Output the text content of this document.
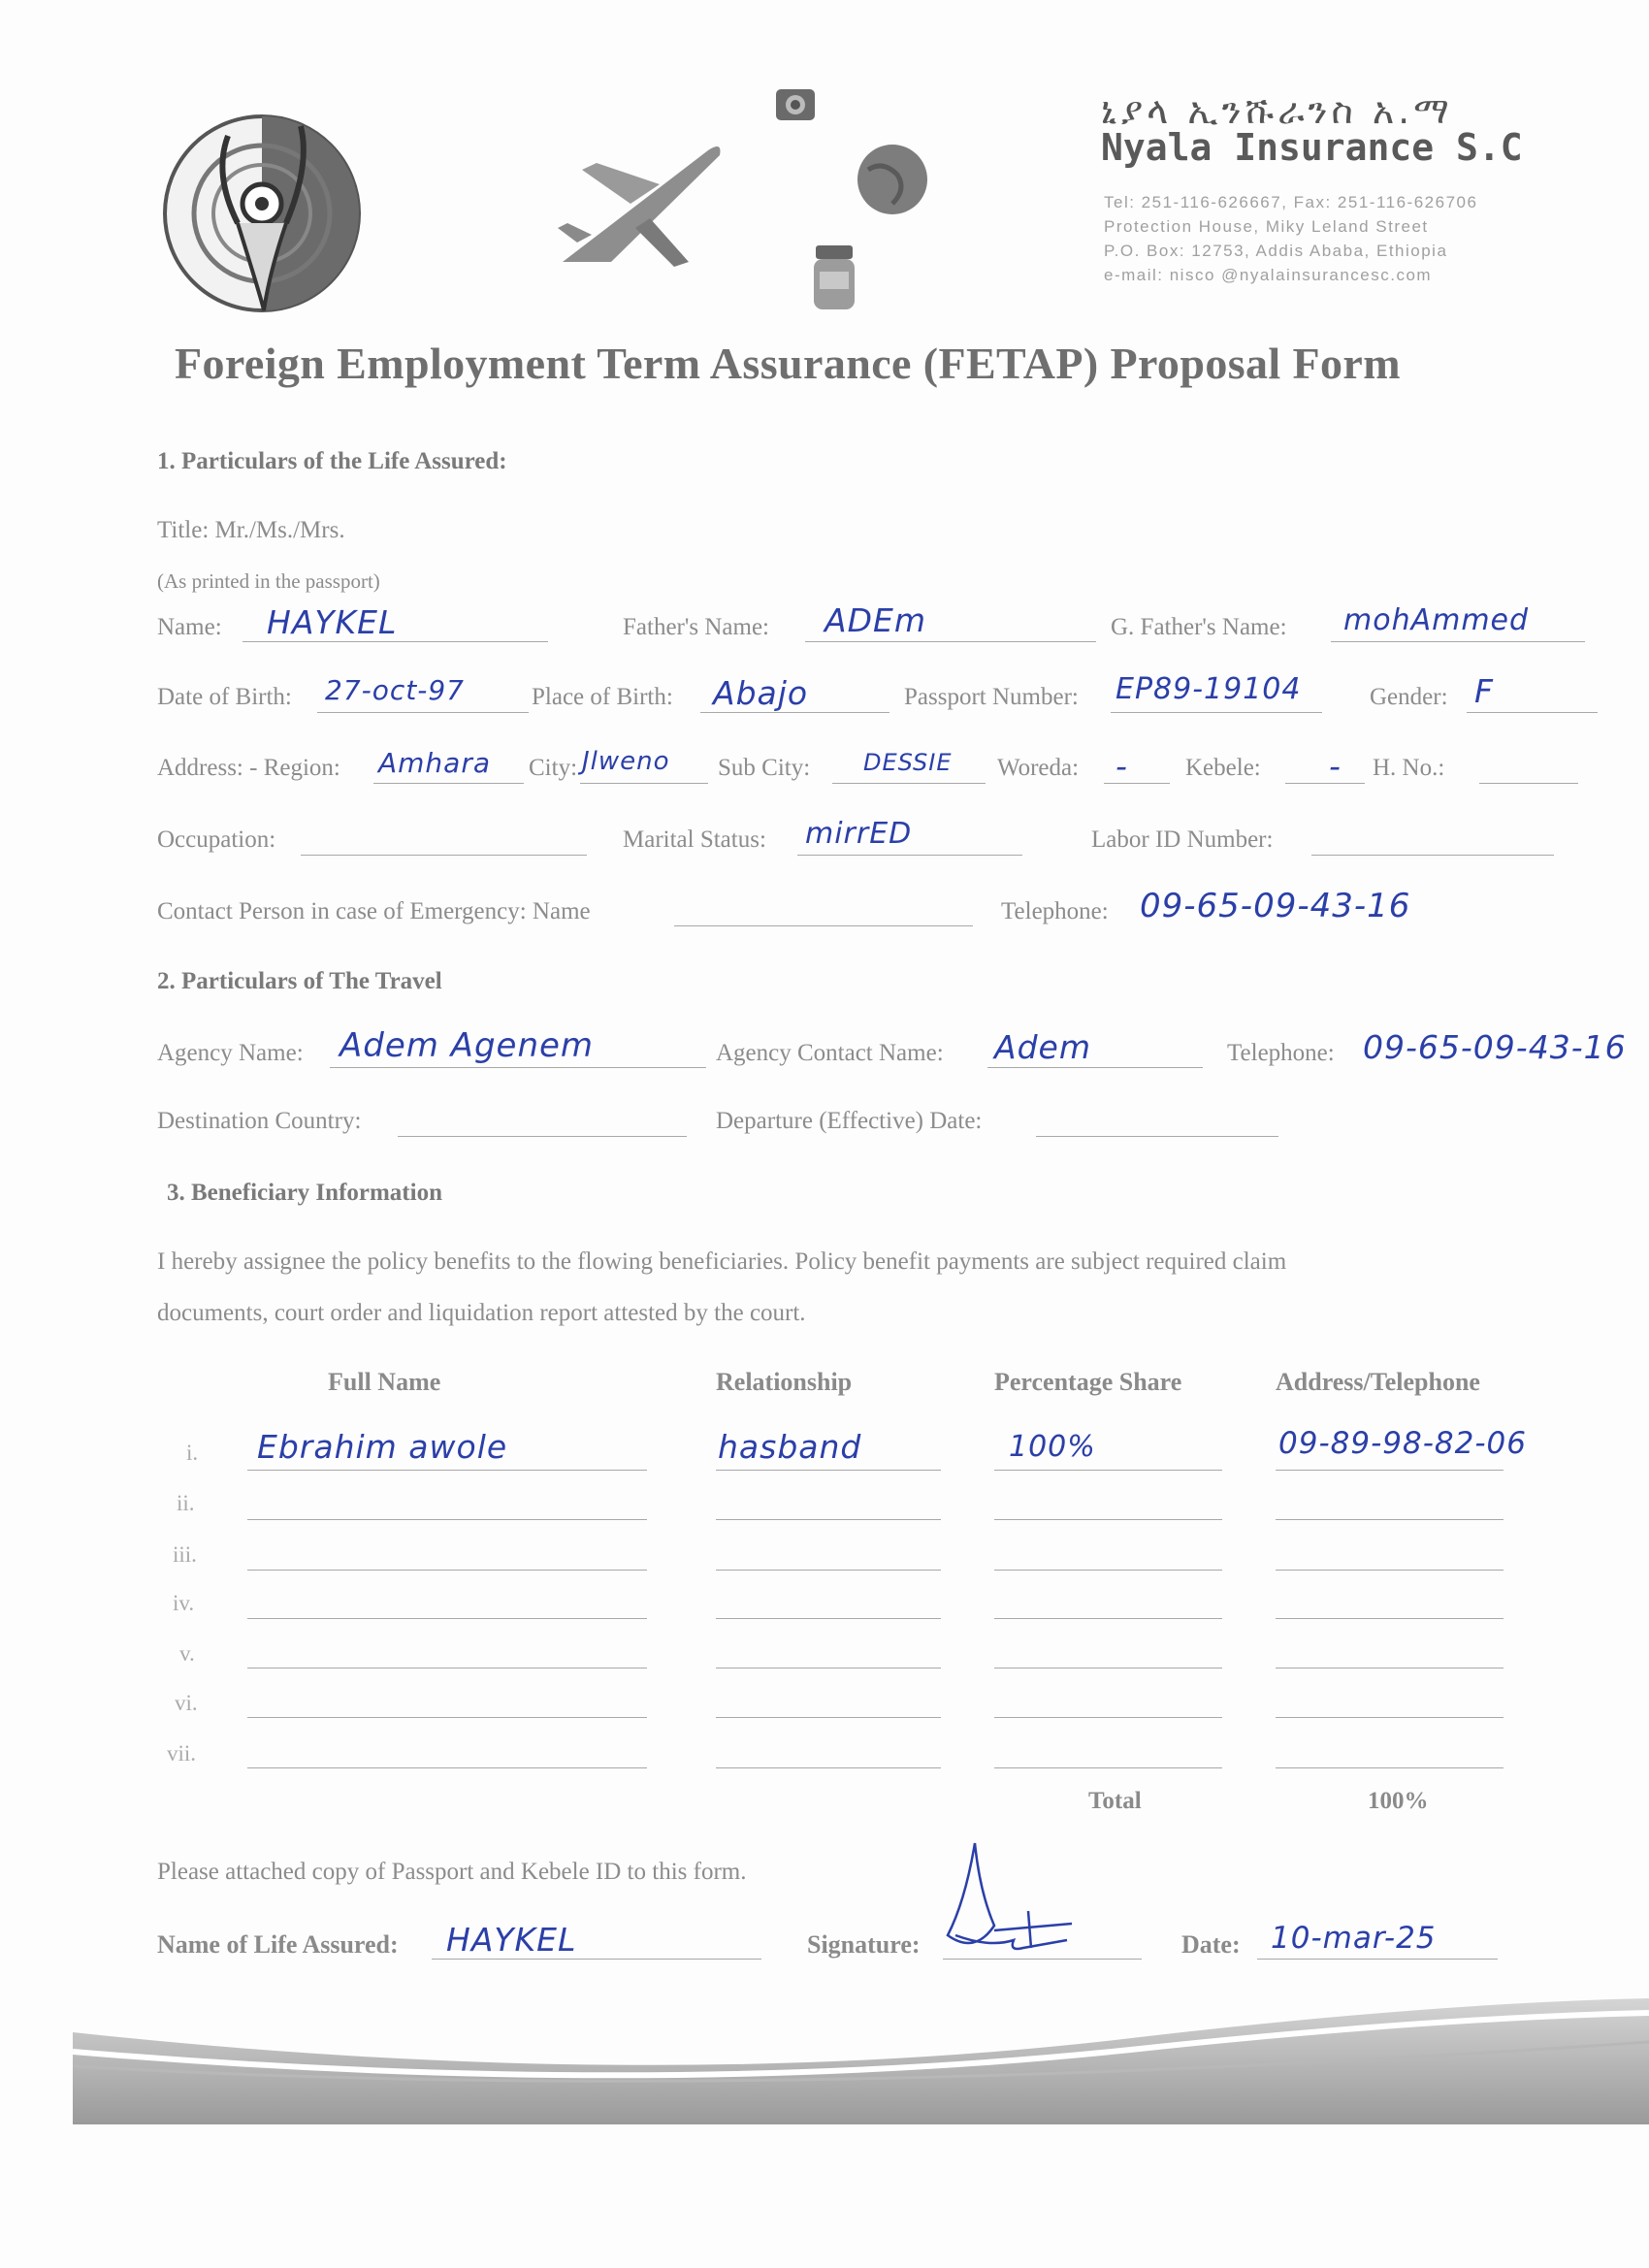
ኒያላ ኢንሹራንስ አ.ማ
Nyala Insurance S.C
Tel: 251-116-626667, Fax: 251-116-626706
Protection House, Miky Leland Street
P.O. Box: 12753, Addis Ababa, Ethiopia
e-mail: nisco @nyalainsurancesc.com
Foreign Employment Term Assurance (FETAP) Proposal Form
1. Particulars of the Life Assured:
Title: Mr./Ms./Mrs.
(As printed in the passport)
Name: HAYKEL	Father's Name: ADEm	G. Father's Name: mohAmmed
Date of Birth: 27-oct-97	Place of Birth: Abajo	Passport Number: EP89-19104	Gender: F
Address: - Region: Amhara City: Jlweno Sub City: DESSIE Woreda: - Kebele: - H. No.:
Occupation:	Marital Status: mirrED	Labor ID Number:
Contact Person in case of Emergency: Name	Telephone: 09-65-09-43-16
2. Particulars of The Travel
Agency Name: Adem Agenem	Agency Contact Name: Adem	Telephone: 09-65-09-43-16
Destination Country:	Departure (Effective) Date:
3. Beneficiary Information
I hereby assignee the policy benefits to the flowing beneficiaries. Policy benefit payments are subject required claim
documents, court order and liquidation report attested by the court.
Full Name	Relationship	Percentage Share	Address/Telephone
i. Ebrahim awole	hasband	100%	09-89-98-82-06
ii.
iii.
iv.
v.
vi.
vii.
Total	100%
Please attached copy of Passport and Kebele ID to this form.
Name of Life Assured: HAYKEL	Signature:	Date: 10-mar-25
